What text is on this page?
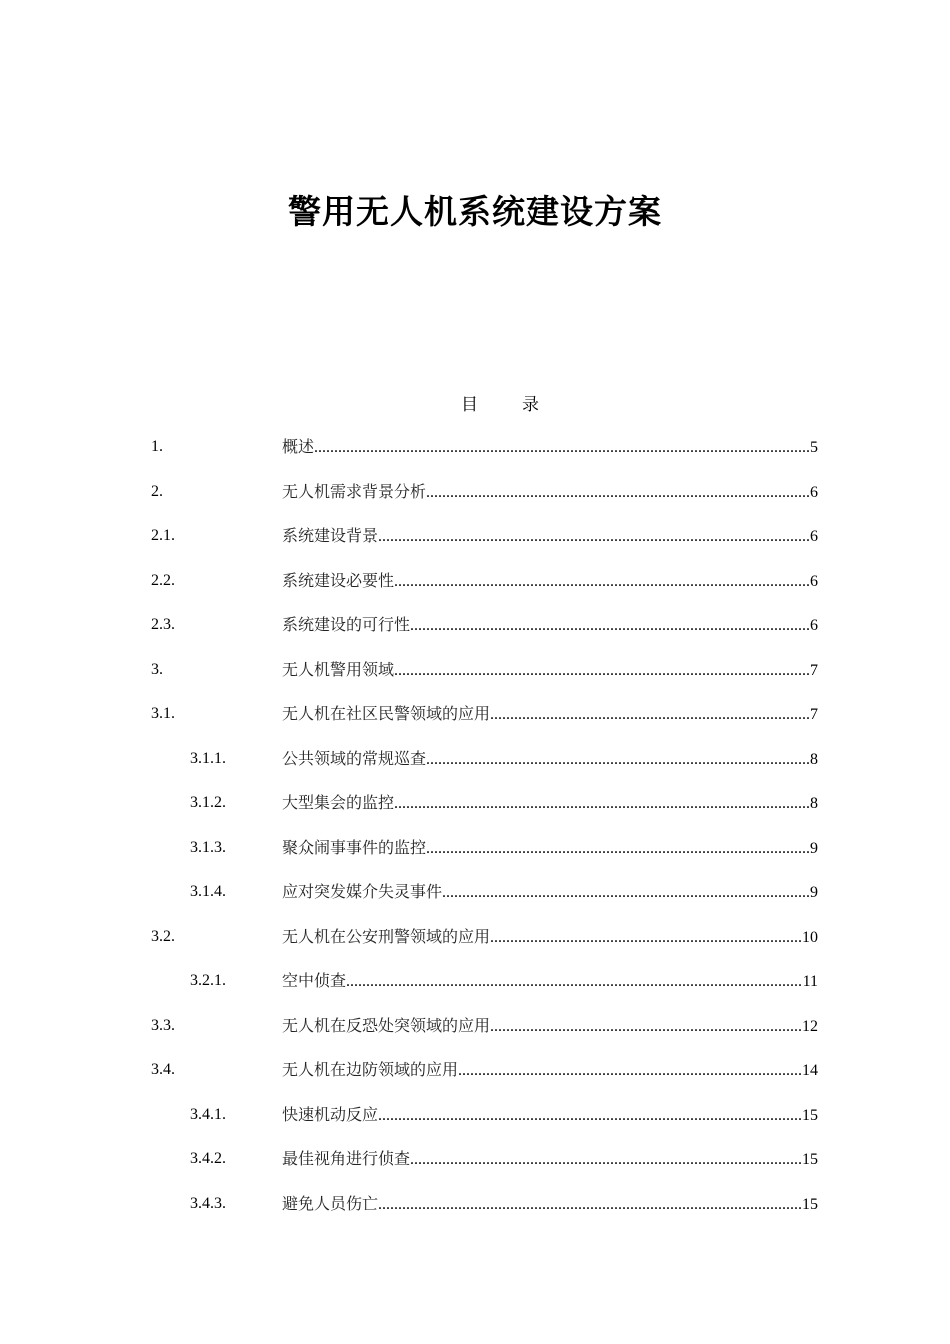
警用无人机系统建设方案
目	录
1.	概述 .....	5
2.	无人机需求背景分析 .....	6
2.1.	系统建设背景 .....	6
2.2.	系统建设必要性 .....	6
2.3.	系统建设的可行性 .....	6
3.	无人机警用领域 .....	7
3.1.	无人机在社区民警领域的应用 .....	7
3.1.1.	公共领域的常规巡查 .....	8
3.1.2.	大型集会的监控 .....	8
3.1.3.	聚众闹事事件的监控 .....	9
3.1.4.	应对突发媒介失灵事件 .....	9
3.2.	无人机在公安刑警领域的应用 .....	10
3.2.1.	空中侦查 .....	11
3.3.	无人机在反恐处突领域的应用 .....	12
3.4.	无人机在边防领域的应用 .....	14
3.4.1.	快速机动反应 .....	15
3.4.2.	最佳视角进行侦查 .....	15
3.4.3.	避免人员伤亡 .....	15
